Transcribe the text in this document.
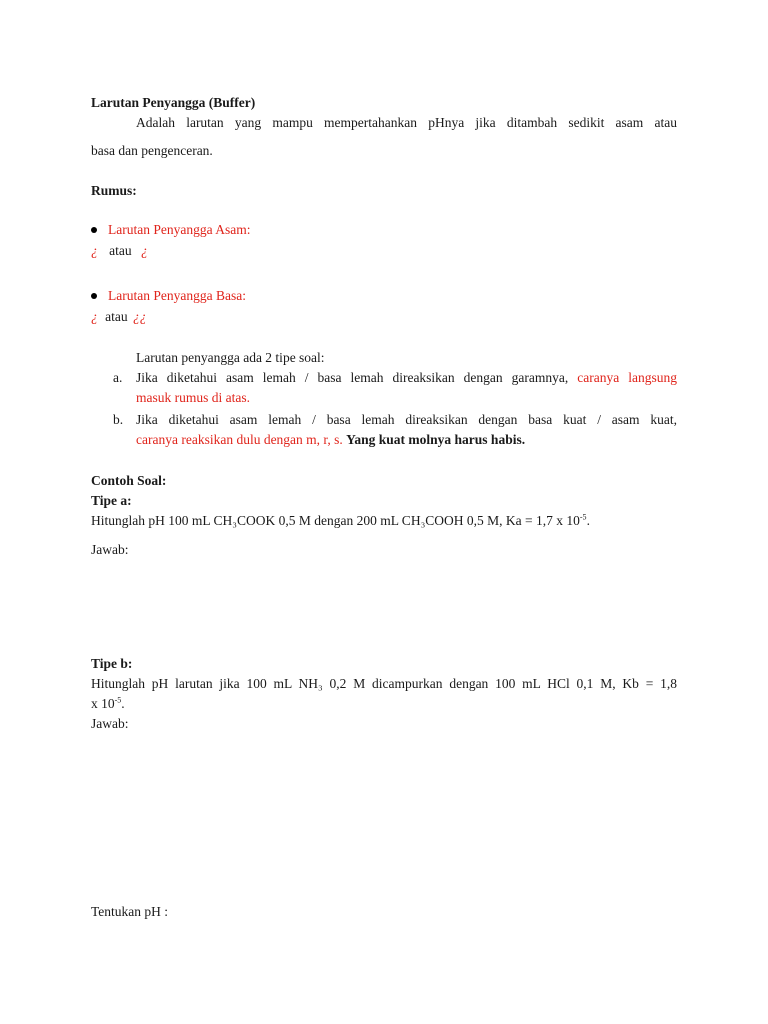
Larutan Penyangga (Buffer)
Adalah larutan yang mampu mempertahankan pHnya jika ditambah sedikit asam atau
basa dan pengenceran.
Rumus:
Larutan Penyangga Asam:
¿ atau ¿
Larutan Penyangga Basa:
¿ atau ¿¿
Larutan penyangga ada 2 tipe soal:
a. Jika diketahui asam lemah / basa lemah direaksikan dengan garamnya, caranya langsung
masuk rumus di atas.
b. Jika diketahui asam lemah / basa lemah direaksikan dengan basa kuat / asam kuat,
caranya reaksikan dulu dengan m, r, s. Yang kuat molnya harus habis.
Contoh Soal:
Tipe a:
Hitunglah pH 100 mL CH₃COOK 0,5 M dengan 200 mL CH₃COOH 0,5 M, Ka = 1,7 x $10^{-5}$.
Jawab:
Tipe b:
Hitunglah pH larutan jika 100 mL NH₃ 0,2 M dicampurkan dengan 100 mL HCl 0,1 M, Kb = 1,8
x $10^{-5}$.
Jawab:
Tentukan pH :
